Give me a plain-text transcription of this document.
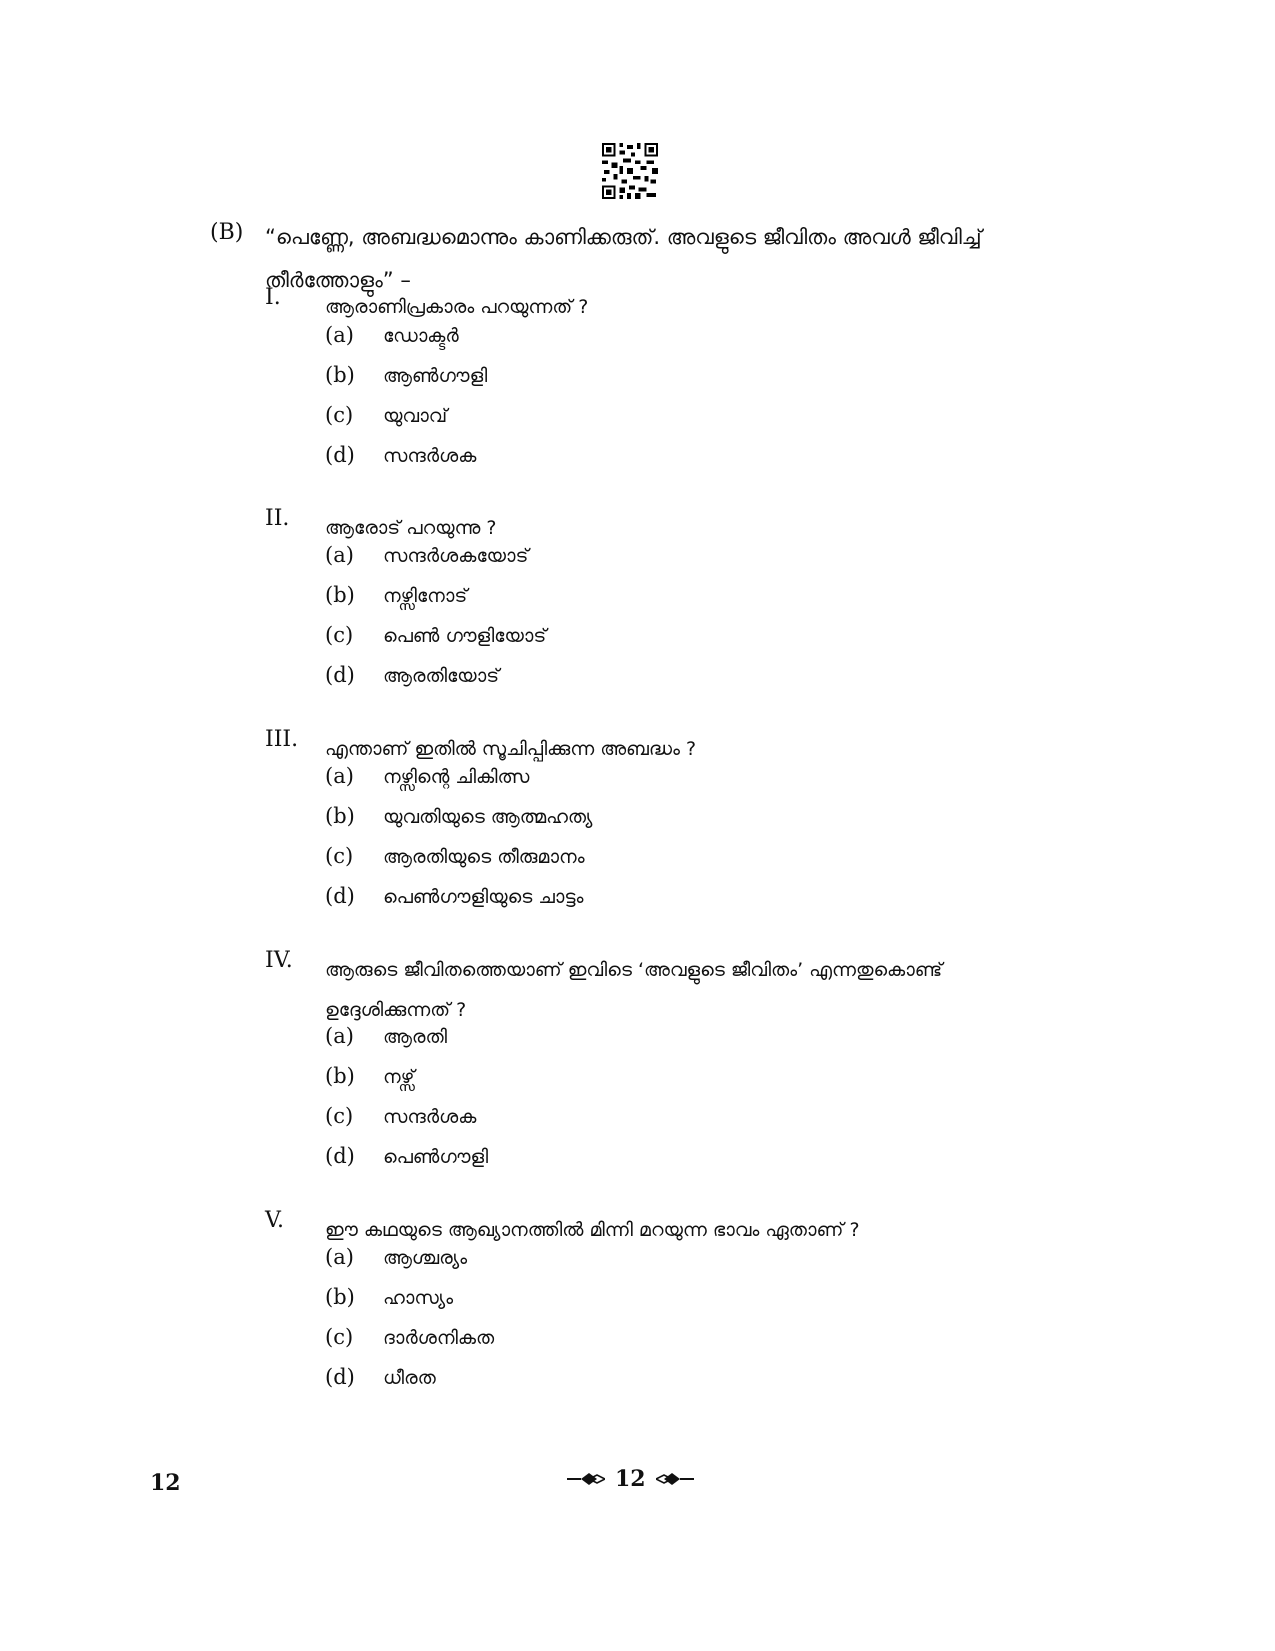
(B) “പെണ്ണേ, അബദ്ധമൊന്നും കാണിക്കരുത്. അവളുടെ ജീവിതം അവൾ ജീവിച്ച് തീർത്തോളും” –
I. ആരാണിപ്രകാരം പറയുന്നത് ?
(a) ഡോക്ടർ
(b) ആൺഗൗളി
(c) യുവാവ്
(d) സന്ദർശക
II. ആരോട് പറയുന്നു ?
(a) സന്ദർശകയോട്
(b) നഴ്സിനോട്
(c) പെൺ ഗൗളിയോട്
(d) ആരതിയോട്
III. എന്താണ് ഇതിൽ സൂചിപ്പിക്കുന്ന അബദ്ധം ?
(a) നഴ്സിന്റെ ചികിത്സ
(b) യുവതിയുടെ ആത്മഹത്യ
(c) ആരതിയുടെ തീരുമാനം
(d) പെൺഗൗളിയുടെ ചാട്ടം
IV. ആരുടെ ജീവിതത്തെയാണ് ഇവിടെ ‘അവളുടെ ജീവിതം’ എന്നതുകൊണ്ട് ഉദ്ദേശിക്കുന്നത് ?
(a) ആരതി
(b) നഴ്സ്
(c) സന്ദർശക
(d) പെൺഗൗളി
V. ഈ കഥയുടെ ആഖ്യാനത്തിൽ മിന്നി മറയുന്ന ഭാവം ഏതാണ് ?
(a) ആശ്ചര്യം
(b) ഹാസ്യം
(c) ദാർശനികത
(d) ധീരത
12	12
